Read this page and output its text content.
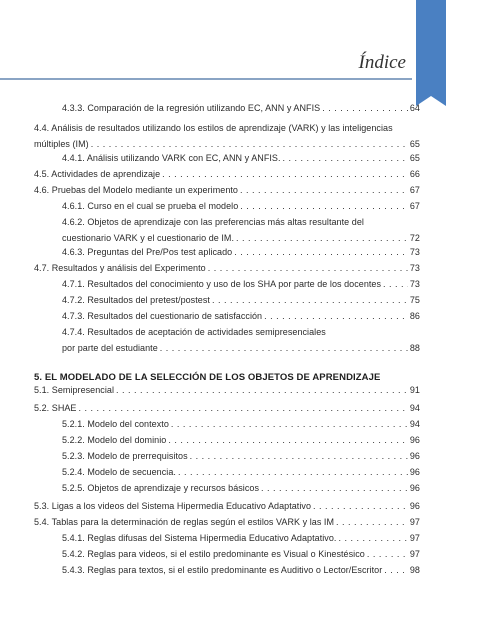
Índice
4.3.3. Comparación de la regresión utilizando EC, ANN y ANFIS . . .	64
4.4. Análisis de resultados utilizando los estilos de aprendizaje (VARK) y las inteligencias
múltiples (IM) . . .	65
4.4.1. Análisis utilizando VARK con EC, ANN y ANFIS. . . .	65
4.5. Actividades de aprendizaje . . .	66
4.6. Pruebas del Modelo mediante un experimento . . .	67
4.6.1. Curso en el cual se prueba el modelo . . .	67
4.6.2. Objetos de aprendizaje con las preferencias más altas resultante del
cuestionario VARK y el cuestionario de IM. . . .	72
4.6.3. Preguntas del Pre/Pos test aplicado . . .	73
4.7. Resultados y análisis del Experimento . . .	73
4.7.1. Resultados del conocimiento y uso de los SHA por parte de los docentes . . .	73
4.7.2. Resultados del pretest/postest . . .	75
4.7.3. Resultados del cuestionario de satisfacción . . .	86
4.7.4. Resultados de aceptación de actividades semipresenciales
por parte del estudiante . . .	88
5. EL MODELADO DE LA SELECCIÓN DE LOS OBJETOS DE APRENDIZAJE
5.1. Semipresencial . . .	91
5.2. SHAE . . .	94
5.2.1. Modelo del contexto . . .	94
5.2.2. Modelo del dominio . . .	96
5.2.3. Modelo de prerrequisitos . . .	96
5.2.4. Modelo de secuencia. . . .	96
5.2.5. Objetos de aprendizaje y recursos básicos . . .	96
5.3. Ligas a los videos del Sistema Hipermedia Educativo Adaptativo . . .	96
5.4. Tablas para la determinación de reglas según el estilos VARK y las IM . . .	97
5.4.1. Reglas difusas del Sistema Hipermedia Educativo Adaptativo. . . .	97
5.4.2. Reglas para videos, si el estilo predominante es Visual o Kinestésico . . .	97
5.4.3. Reglas para textos, si el estilo predominante es Auditivo o Lector/Escritor . . .	98
